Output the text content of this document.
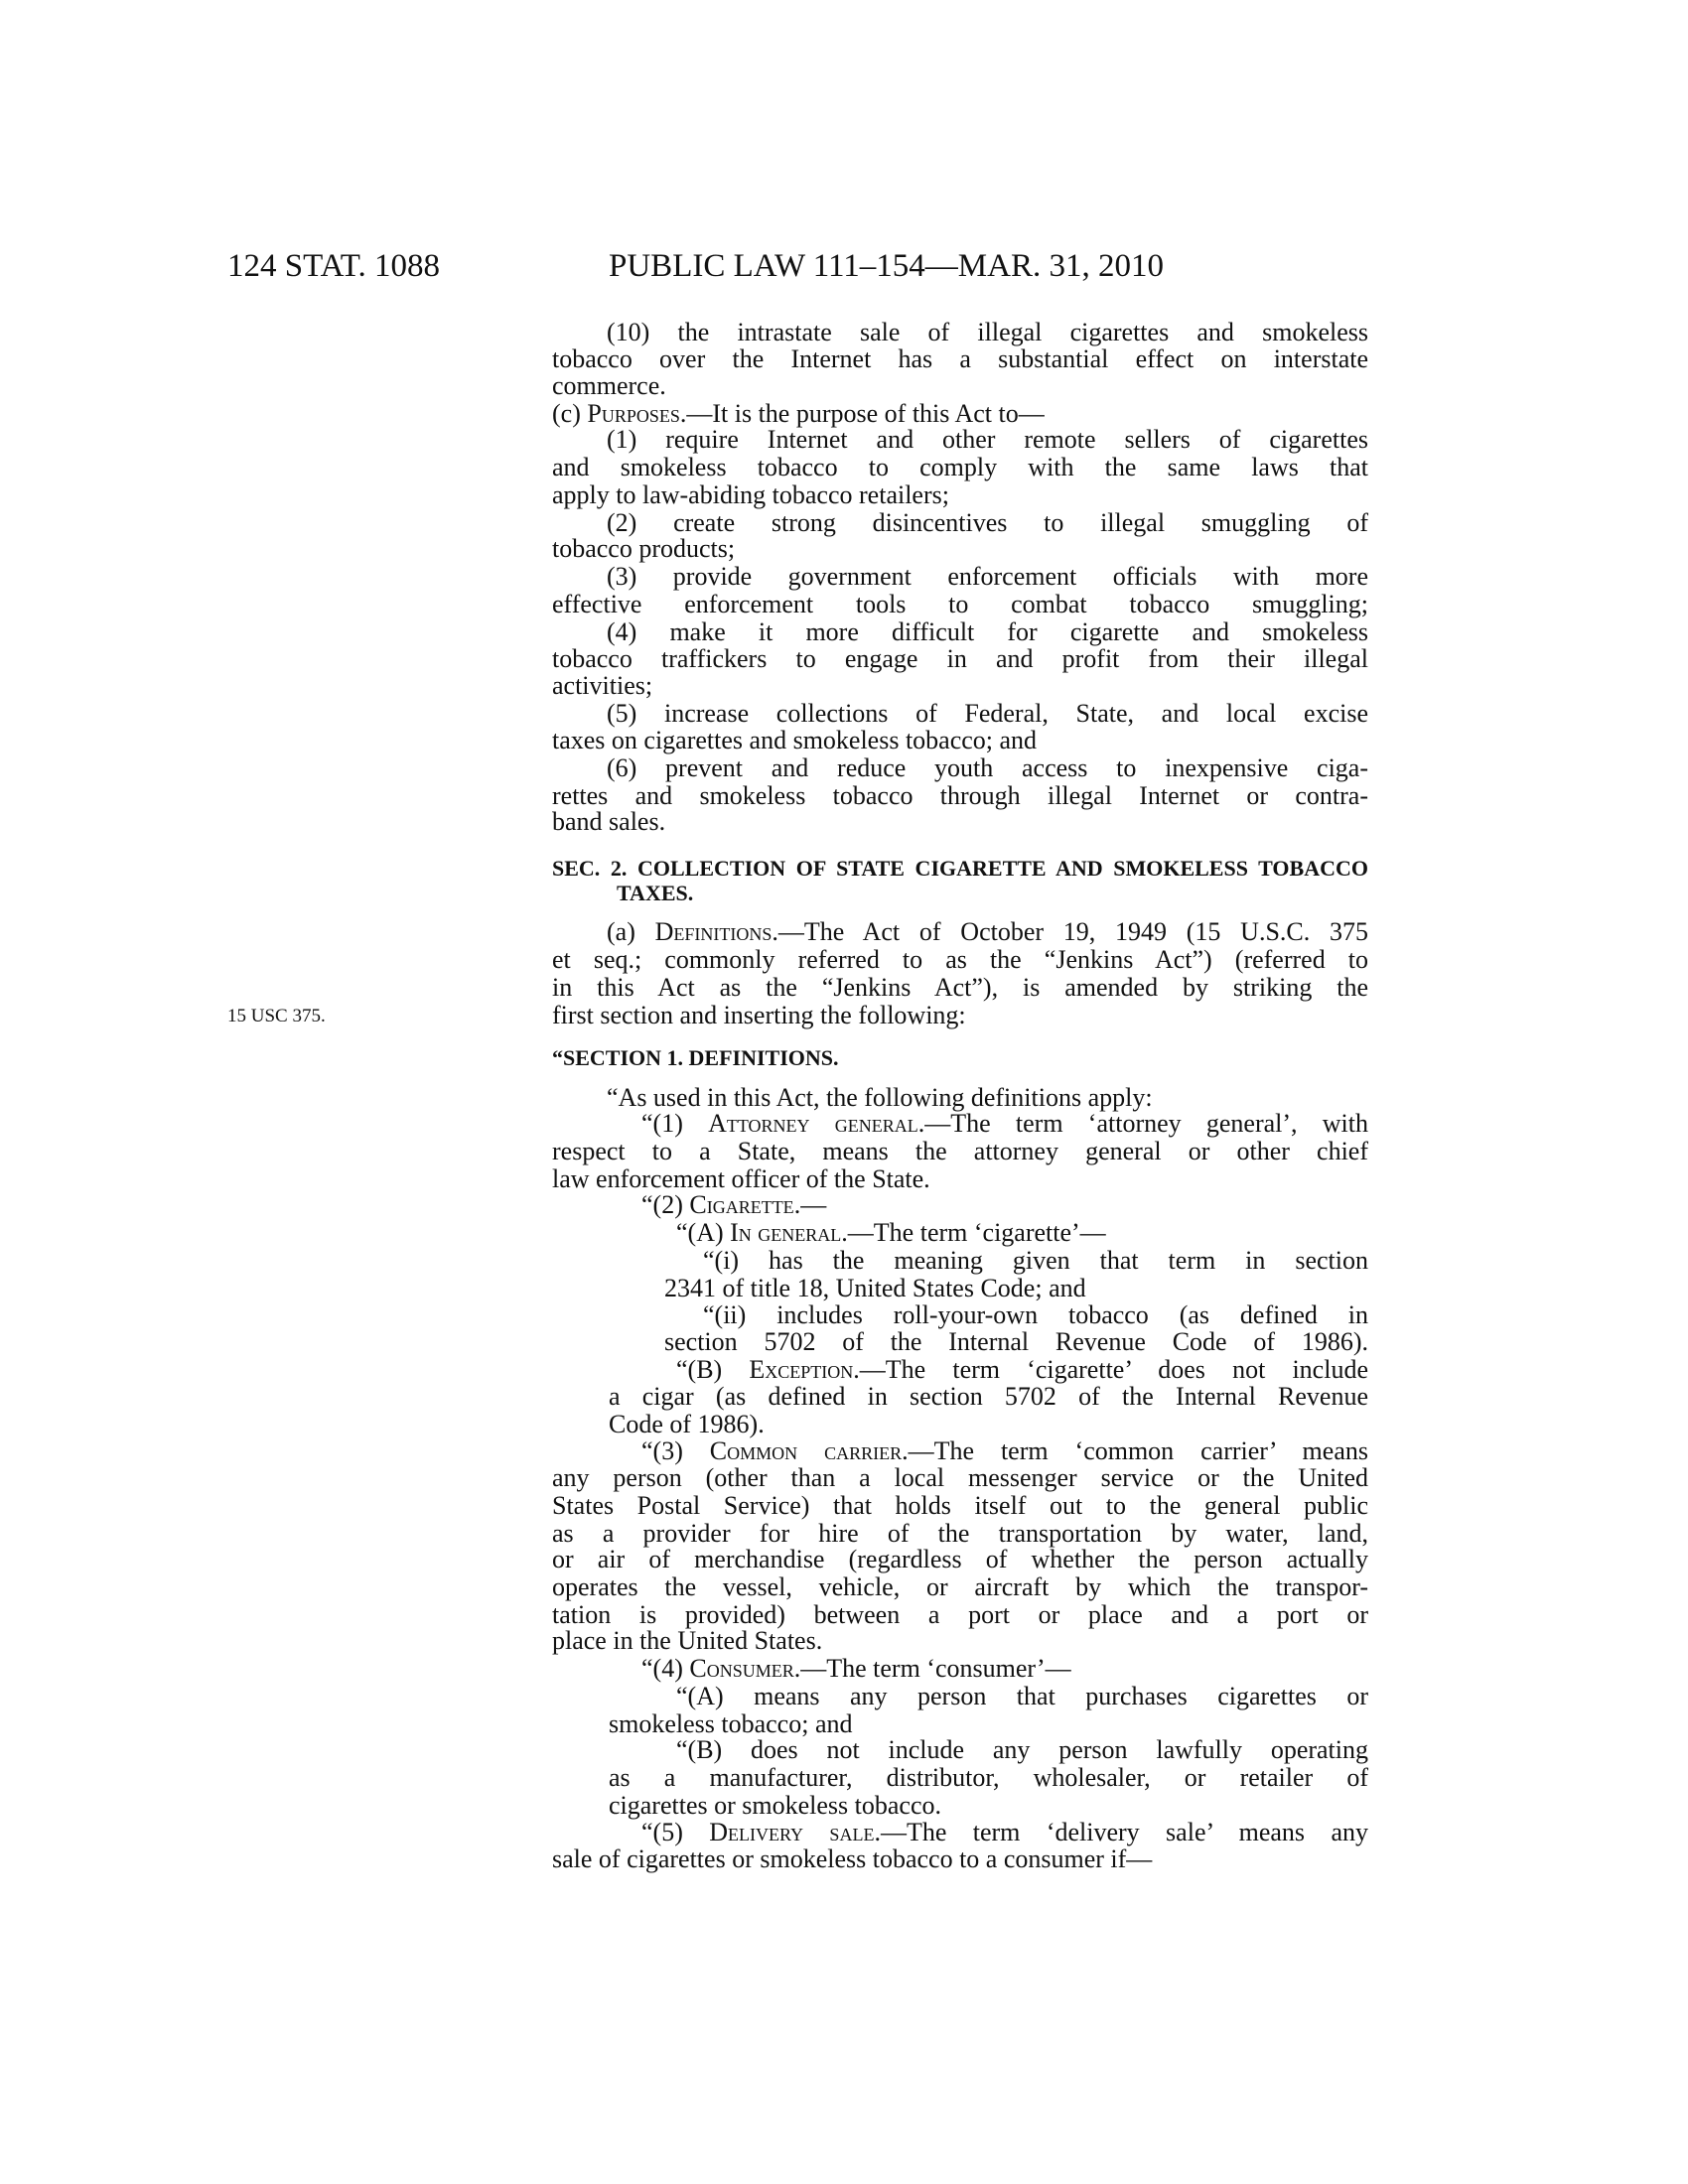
124 STAT. 1088	PUBLIC LAW 111–154—MAR. 31, 2010
15 USC 375.
(10) the intrastate sale of illegal cigarettes and smokeless
tobacco over the Internet has a substantial effect on interstate
commerce.
(c) Purposes.—It is the purpose of this Act to—
(1) require Internet and other remote sellers of cigarettes
and smokeless tobacco to comply with the same laws that
apply to law-abiding tobacco retailers;
(2) create strong disincentives to illegal smuggling of
tobacco products;
(3) provide government enforcement officials with more
effective enforcement tools to combat tobacco smuggling;
(4) make it more difficult for cigarette and smokeless
tobacco traffickers to engage in and profit from their illegal
activities;
(5) increase collections of Federal, State, and local excise
taxes on cigarettes and smokeless tobacco; and
(6) prevent and reduce youth access to inexpensive ciga-
rettes and smokeless tobacco through illegal Internet or contra-
band sales.
SEC. 2. COLLECTION OF STATE CIGARETTE AND SMOKELESS TOBACCO
TAXES.
(a) Definitions.—The Act of October 19, 1949 (15 U.S.C. 375
et seq.; commonly referred to as the “Jenkins Act”) (referred to
in this Act as the “Jenkins Act”), is amended by striking the
first section and inserting the following:
“SECTION 1. DEFINITIONS.
“As used in this Act, the following definitions apply:
“(1) Attorney general.—The term ‘attorney general’, with
respect to a State, means the attorney general or other chief
law enforcement officer of the State.
“(2) Cigarette.—
“(A) In general.—The term ‘cigarette’—
“(i) has the meaning given that term in section
2341 of title 18, United States Code; and
“(ii) includes roll-your-own tobacco (as defined in
section 5702 of the Internal Revenue Code of 1986).
“(B) Exception.—The term ‘cigarette’ does not include
a cigar (as defined in section 5702 of the Internal Revenue
Code of 1986).
“(3) Common carrier.—The term ‘common carrier’ means
any person (other than a local messenger service or the United
States Postal Service) that holds itself out to the general public
as a provider for hire of the transportation by water, land,
or air of merchandise (regardless of whether the person actually
operates the vessel, vehicle, or aircraft by which the transpor-
tation is provided) between a port or place and a port or
place in the United States.
“(4) Consumer.—The term ‘consumer’—
“(A) means any person that purchases cigarettes or
smokeless tobacco; and
“(B) does not include any person lawfully operating
as a manufacturer, distributor, wholesaler, or retailer of
cigarettes or smokeless tobacco.
“(5) Delivery sale.—The term ‘delivery sale’ means any
sale of cigarettes or smokeless tobacco to a consumer if—
